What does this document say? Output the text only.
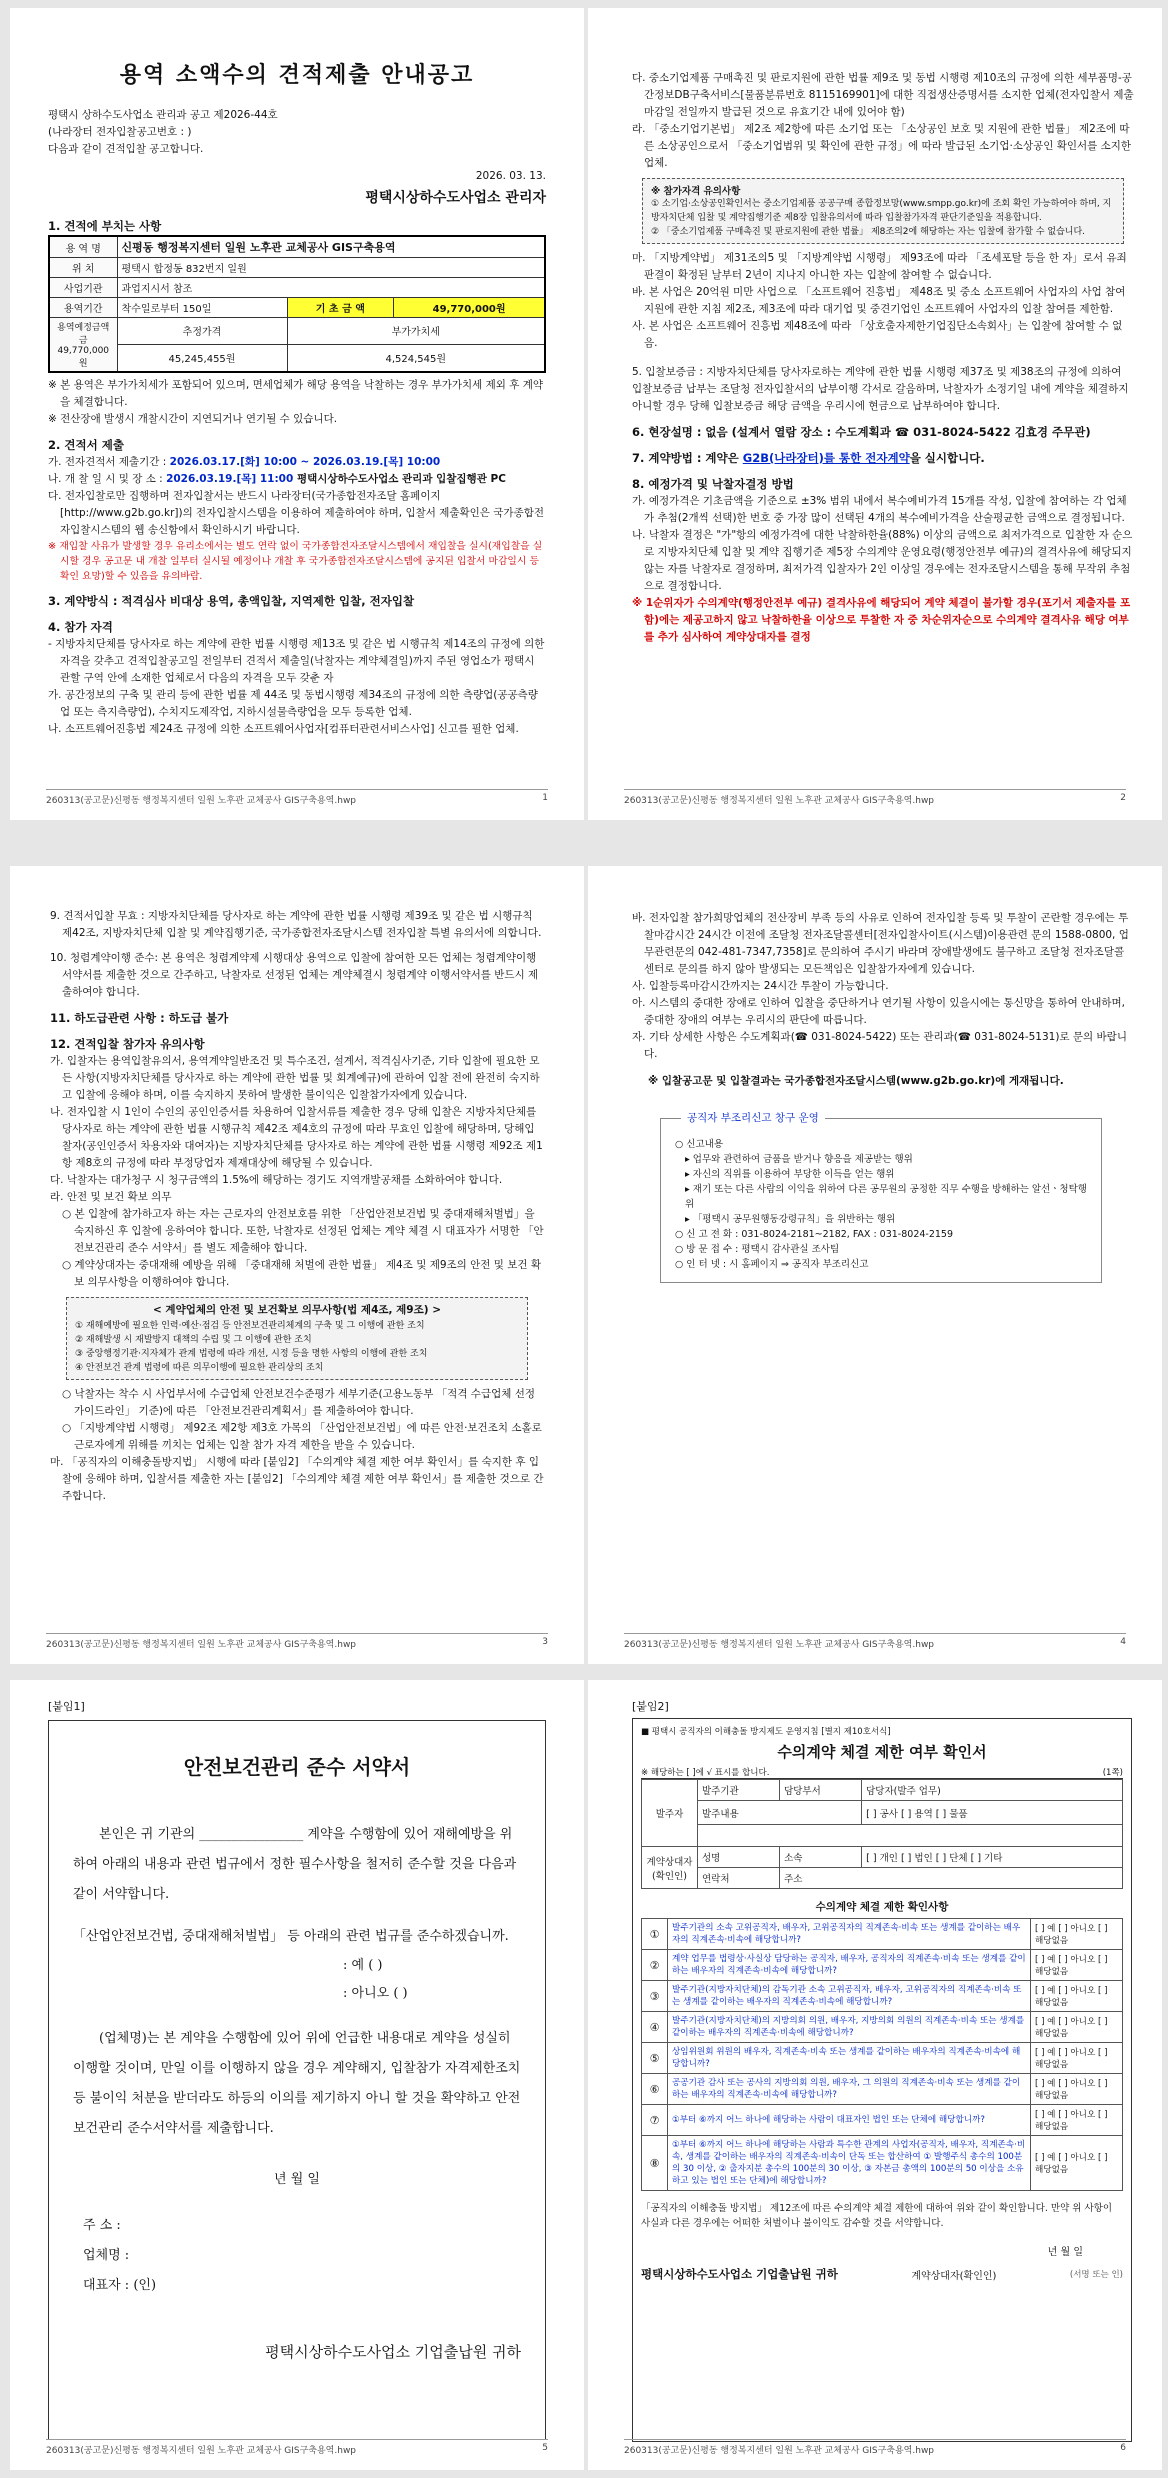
용역 소액수의 견적제출 안내공고
평택시 상하수도사업소 관리과 공고 제2026-44호
(나라장터 전자입찰공고번호 : )
다음과 같이 견적입찰 공고합니다.
2026. 03. 13.
평택시상하수도사업소 관리자
1. 견적에 부치는 사항
용 역 명	신평동 행정복지센터 일원 노후관 교체공사 GIS구축용역		
위 치	평택시 합정동 832번지 일원		
사업기관	과업지시서 참조		
용역기간	착수일로부터 150일	기 초 금 액	49,770,000원
용역예정금액 금49,770,000원	추정가격	부가가치세	
	45,245,455원	4,524,545원	
※ 본 용역은 부가가치세가 포함되어 있으며, 면세업체가 해당 용역을 낙찰하는 경우 부가가치세 제외 후 계약을 체결합니다.
※ 전산장애 발생시 개찰시간이 지연되거나 연기될 수 있습니다.
2. 견적서 제출
가. 전자견적서 제출기간 : 2026.03.17.[화] 10:00 ~ 2026.03.19.[목] 10:00
나. 개 찰 일 시 및 장 소 : 2026.03.19.[목] 11:00 평택시상하수도사업소 관리과 입찰집행관 PC
다. 전자입찰로만 집행하며 전자입찰서는 반드시 나라장터(국가종합전자조달 홈페이지 [http://www.g2b.go.kr])의 전자입찰시스템을 이용하여 제출하여야 하며, 입찰서 제출확인은 국가종합전자입찰시스템의 웹 송신함에서 확인하시기 바랍니다.
※ 재입찰 사유가 발생할 경우 유리소에서는 별도 연락 없이 국가종합전자조달시스템에서 재입찰을 실시(재입찰을 실시할 경우 공고문 내 개찰 일부터 실시될 예정이나 개찰 후 국가종합전자조달시스템에 공지된 입찰서 마감일시 등 확인 요망)할 수 있음을 유의바람.
3. 계약방식 : 적격심사 비대상 용역, 총액입찰, 지역제한 입찰, 전자입찰
4. 참가 자격
- 지방자치단체를 당사자로 하는 계약에 관한 법률 시행령 제13조 및 같은 법 시행규칙 제14조의 규정에 의한 자격을 갖추고 견적입찰공고일 전일부터 견적서 제출일(낙찰자는 계약체결일)까지 주된 영업소가 평택시 관할 구역 안에 소재한 업체로서 다음의 자격을 모두 갖춘 자
가. 공간정보의 구축 및 관리 등에 관한 법률 제 44조 및 동법시행령 제34조의 규정에 의한 측량업(공공측량업 또는 측지측량업), 수치지도제작업, 지하시설물측량업을 모두 등록한 업체.
나. 소프트웨어진흥법 제24조 규정에 의한 소프트웨어사업자[컴퓨터관련서비스사업] 신고를 필한 업체.
260313(공고문)신평동 행정복지센터 일원 노후관 교체공사 GIS구축용역.hwp	1
다. 중소기업제품 구매촉진 및 판로지원에 관한 법률 제9조 및 동법 시행령 제10조의 규정에 의한 세부품명-공간정보DB구축서비스[물품분류번호 8115169901]에 대한 직접생산증명서를 소지한 업체(전자입찰서 제출 마감일 전일까지 발급된 것으로 유효기간 내에 있어야 함)
라. 「중소기업기본법」 제2조 제2항에 따른 소기업 또는 「소상공인 보호 및 지원에 관한 법률」 제2조에 따른 소상공인으로서 「중소기업범위 및 확인에 관한 규정」에 따라 발급된 소기업·소상공인 확인서를 소지한 업체.
※ 참가자격 유의사항
① 소기업·소상공인확인서는 중소기업제품 공공구매 종합정보망(www.smpp.go.kr)에 조회 확인 가능하여야 하며, 지방자치단체 입찰 및 계약집행기준 제8장 입찰유의서에 따라 입찰참가자격 판단기준일을 적용합니다.
② 「중소기업제품 구매촉진 및 판로지원에 관한 법률」 제8조의2에 해당하는 자는 입찰에 참가할 수 없습니다.
마. 「지방계약법」 제31조의5 및 「지방계약법 시행령」 제93조에 따라 「조세포탈 등을 한 자」로서 유죄판결이 확정된 날부터 2년이 지나지 아니한 자는 입찰에 참여할 수 없습니다.
바. 본 사업은 20억원 미만 사업으로 「소프트웨어 진흥법」 제48조 및 중소 소프트웨어 사업자의 사업 참여 지원에 관한 지침 제2조, 제3조에 따라 대기업 및 중견기업인 소프트웨어 사업자의 입찰 참여를 제한함.
사. 본 사업은 소프트웨어 진흥법 제48조에 따라 「상호출자제한기업집단소속회사」는 입찰에 참여할 수 없음.
5. 입찰보증금 : 지방자치단체를 당사자로하는 계약에 관한 법률 시행령 제37조 및 제38조의 규정에 의하여 입찰보증금 납부는 조달청 전자입찰서의 납부이행 각서로 갈음하며, 낙찰자가 소정기일 내에 계약을 체결하지 아니할 경우 당해 입찰보증금 해당 금액을 우리시에 현금으로 납부하여야 합니다.
6. 현장설명 : 없음 (설계서 열람 장소 : 수도계획과 ☎ 031-8024-5422 김효경 주무관)
7. 계약방법 : 계약은 G2B(나라장터)를 통한 전자계약을 실시합니다.
8. 예정가격 및 낙찰자결정 방법
가. 예정가격은 기초금액을 기준으로 ±3% 범위 내에서 복수예비가격 15개를 작성, 입찰에 참여하는 각 업체가 추첨(2개씩 선택)한 번호 중 가장 많이 선택된 4개의 복수예비가격을 산술평균한 금액으로 결정됩니다.
나. 낙찰자 결정은 "가"항의 예정가격에 대한 낙찰하한율(88%) 이상의 금액으로 최저가격으로 입찰한 자 순으로 지방자치단체 입찰 및 계약 집행기준 제5장 수의계약 운영요령(행정안전부 예규)의 결격사유에 해당되지 않는 자를 낙찰자로 결정하며, 최저가격 입찰자가 2인 이상일 경우에는 전자조달시스템을 통해 무작위 추첨으로 결정합니다.
※ 1순위자가 수의계약(행정안전부 예규) 결격사유에 해당되어 계약 체결이 불가할 경우(포기서 제출자를 포함)에는 제공고하지 않고 낙찰하한율 이상으로 투찰한 자 중 차순위자순으로 수의계약 결격사유 해당 여부를 추가 심사하여 계약상대자를 결정
260313(공고문)신평동 행정복지센터 일원 노후관 교체공사 GIS구축용역.hwp	2
9. 견적서입찰 무효 : 지방자치단체를 당사자로 하는 계약에 관한 법률 시행령 제39조 및 같은 법 시행규칙 제42조, 지방자치단체 입찰 및 계약집행기준, 국가종합전자조달시스템 전자입찰 특별 유의서에 의합니다.
10. 청렴계약이행 준수: 본 용역은 청렴계약제 시행대상 용역으로 입찰에 참여한 모든 업체는 청렴계약이행서약서를 제출한 것으로 간주하고, 낙찰자로 선정된 업체는 계약체결시 청렴계약 이행서약서를 반드시 제출하여야 합니다.
11. 하도급관련 사항 : 하도급 불가
12. 견적입찰 참가자 유의사항
가. 입찰자는 용역입찰유의서, 용역계약일반조건 및 특수조건, 설계서, 적격심사기준, 기타 입찰에 필요한 모든 사항(지방자치단체를 당사자로 하는 계약에 관한 법률 및 회계예규)에 관하여 입찰 전에 완전히 숙지하고 입찰에 응해야 하며, 이를 숙지하지 못하여 발생한 불이익은 입찰참가자에게 있습니다.
나. 전자입찰 시 1인이 수인의 공인인증서를 차용하여 입찰서류를 제출한 경우 당해 입찰은 지방자치단체를 당사자로 하는 계약에 관한 법률 시행규칙 제42조 제4호의 규정에 따라 무효인 입찰에 해당하며, 당해입찰자(공인인증서 차용자와 대여자)는 지방자치단체를 당사자로 하는 계약에 관한 법률 시행령 제92조 제1항 제8호의 규정에 따라 부정당업자 제재대상에 해당될 수 있습니다.
다. 낙찰자는 대가청구 시 청구금액의 1.5%에 해당하는 경기도 지역개발공채를 소화하여야 합니다.
라. 안전 및 보건 확보 의무
○ 본 입찰에 참가하고자 하는 자는 근로자의 안전보호를 위한 「산업안전보건법 및 중대재해처벌법」을 숙지하신 후 입찰에 응하여야 합니다. 또한, 낙찰자로 선정된 업체는 계약 체결 시 대표자가 서명한 「안전보건관리 준수 서약서」를 별도 제출해야 합니다.
○ 계약상대자는 중대재해 예방을 위해 「중대재해 처벌에 관한 법률」 제4조 및 제9조의 안전 및 보건 확보 의무사항을 이행하여야 합니다.
< 계약업체의 안전 및 보건확보 의무사항(법 제4조, 제9조) >
① 재해예방에 필요한 인력·예산·점검 등 안전보건관리체계의 구축 및 그 이행에 관한 조치
② 재해발생 시 재발방지 대책의 수립 및 그 이행에 관한 조치
③ 중앙행정기관·지자체가 관계 법령에 따라 개선, 시정 등을 명한 사항의 이행에 관한 조치
④ 안전보건 관계 법령에 따른 의무이행에 필요한 관리상의 조치
○ 낙찰자는 착수 시 사업부서에 수급업체 안전보건수준평가 세부기준(고용노동부 「적격 수급업체 선정 가이드라인」 기준)에 따른 「안전보건관리계획서」를 제출하여야 합니다.
○ 「지방계약법 시행령」 제92조 제2항 제3호 가목의 「산업안전보건법」에 따른 안전·보건조치 소홀로 근로자에게 위해를 끼치는 업체는 입찰 참가 자격 제한을 받을 수 있습니다.
마. 「공직자의 이해충돌방지법」 시행에 따라 [붙임2] 「수의계약 체결 제한 여부 확인서」를 숙지한 후 입찰에 응해야 하며, 입찰서를 제출한 자는 [붙임2] 「수의계약 체결 제한 여부 확인서」를 제출한 것으로 간주합니다.
260313(공고문)신평동 행정복지센터 일원 노후관 교체공사 GIS구축용역.hwp	3
바. 전자입찰 참가희망업체의 전산장비 부족 등의 사유로 인하여 전자입찰 등록 및 투찰이 곤란할 경우에는 투찰마감시간 24시간 이전에 조달청 전자조달콜센터[전자입찰사이트(시스템)이용관련 문의 1588-0800, 업무관련문의 042-481-7347,7358]로 문의하여 주시기 바라며 장애발생에도 불구하고 조달청 전자조달콜센터로 문의를 하지 않아 발생되는 모든책임은 입찰참가자에게 있습니다.
사. 입찰등록마감시간까지는 24시간 투찰이 가능합니다.
아. 시스템의 중대한 장애로 인하여 입찰을 중단하거나 연기될 사항이 있을시에는 통신망을 통하여 안내하며, 중대한 장애의 여부는 우리시의 판단에 따릅니다.
자. 기타 상세한 사항은 수도계획과(☎ 031-8024-5422) 또는 관리과(☎ 031-8024-5131)로 문의 바랍니다.
※ 입찰공고문 및 입찰결과는 국가종합전자조달시스템(www.g2b.go.kr)에 게재됩니다.
공직자 부조리신고 창구 운영
○ 신고내용
▸ 업무와 관련하여 금품을 받거나 향응을 제공받는 행위
▸ 자신의 직위를 이용하여 부당한 이득을 얻는 행위
▸ 재기 또는 다른 사람의 이익을 위하여 다른 공무원의 공정한 직무 수행을 방해하는 알선ㆍ청탁행위
▸ 「평택시 공무원행동강령규칙」을 위반하는 행위
○ 신 고 전 화 : 031-8024-2181~2182, FAX : 031-8024-2159
○ 방 문 접 수 : 평택시 감사관실 조사팀
○ 인 터 넷 : 시 홈페이지 ⇒ 공직자 부조리신고
260313(공고문)신평동 행정복지센터 일원 노후관 교체공사 GIS구축용역.hwp	4
[붙임1]
안전보건관리 준수 서약서
본인은 귀 기관의 ________________ 계약을 수행함에 있어 재해예방을 위하여 아래의 내용과 관련 법규에서 정한 필수사항을 철저히 준수할 것을 다음과 같이 서약합니다.
「산업안전보건법, 중대재해처벌법」 등 아래의 관련 법규를 준수하겠습니까.
: 예 ( )
: 아니오 ( )
(업체명)는 본 계약을 수행함에 있어 위에 언급한 내용대로 계약을 성실히 이행할 것이며, 만일 이를 이행하지 않을 경우 계약해지, 입찰참가 자격제한조치 등 불이익 처분을 받더라도 하등의 이의를 제기하지 아니 할 것을 확약하고 안전보건관리 준수서약서를 제출합니다.
년 월 일
주 소 :
업체명 :
대표자 : (인)
평택시상하수도사업소 기업출납원 귀하
260313(공고문)신평동 행정복지센터 일원 노후관 교체공사 GIS구축용역.hwp	5
[붙임2]
■ 평택시 공직자의 이해충돌 방지제도 운영지침 [별지 제10호서식]
수의계약 체결 제한 여부 확인서
※ 해당하는 [ ]에 √ 표시를 합니다.	(1쪽)
발주자	발주기관	담당부서	담당자(발주 업무)
	발주내용		[ ] 공사 [ ] 용역 [ ] 물품

계약상대자 (확인인)	성명	소속	[ ] 개인 [ ] 법인 [ ] 단체 [ ] 기타
	연락처	주소	
수의계약 체결 제한 확인사항
①	발주기관의 소속 고위공직자, 배우자, 고위공직자의 직계존속·비속 또는 생계를 같이하는 배우자의 직계존속·비속에 해당합니까?	[ ] 예 [ ] 아니오 [ ] 해당없음
②	계약 업무를 법령상·사실상 담당하는 공직자, 배우자, 공직자의 직계존속·비속 또는 생계를 같이하는 배우자의 직계존속·비속에 해당합니까?	[ ] 예 [ ] 아니오 [ ] 해당없음
③	발주기관(지방자치단체)의 감독기관 소속 고위공직자, 배우자, 고위공직자의 직계존속·비속 또는 생계를 같이하는 배우자의 직계존속·비속에 해당합니까?	[ ] 예 [ ] 아니오 [ ] 해당없음
④	발주기관(지방자치단체)의 지방의회 의원, 배우자, 지방의회 의원의 직계존속·비속 또는 생계를 같이하는 배우자의 직계존속·비속에 해당합니까?	[ ] 예 [ ] 아니오 [ ] 해당없음
⑤	상임위원회 위원의 배우자, 직계존속·비속 또는 생계를 같이하는 배우자의 직계존속·비속에 해당합니까?	[ ] 예 [ ] 아니오 [ ] 해당없음
⑥	공공기관 감사 또는 공사의 지방의회 의원, 배우자, 그 의원의 직계존속·비속 또는 생계를 같이하는 배우자의 직계존속·비속에 해당합니까?	[ ] 예 [ ] 아니오 [ ] 해당없음
⑦	①부터 ⑥까지 어느 하나에 해당하는 사람이 대표자인 법인 또는 단체에 해당합니까?	[ ] 예 [ ] 아니오 [ ] 해당없음
⑧	①부터 ⑥까지 어느 하나에 해당하는 사람과 특수한 관계의 사업자(공직자, 배우자, 직계존속·비속, 생계를 같이하는 배우자의 직계존속·비속이 단독 또는 합산하여 ① 발행주식 총수의 100분의 30 이상, ② 출자지분 총수의 100분의 30 이상, ③ 자본금 총액의 100분의 50 이상을 소유하고 있는 법인 또는 단체)에 해당합니까?	[ ] 예 [ ] 아니오 [ ] 해당없음
「공직자의 이해충돌 방지법」 제12조에 따른 수의계약 체결 제한에 대하여 위와 같이 확인합니다. 만약 위 사항이 사실과 다른 경우에는 어떠한 처벌이나 불이익도 감수할 것을 서약합니다.
년 월 일
평택시상하수도사업소 기업출납원 귀하	계약상대자(확인인)	(서명 또는 인)
260313(공고문)신평동 행정복지센터 일원 노후관 교체공사 GIS구축용역.hwp	6
